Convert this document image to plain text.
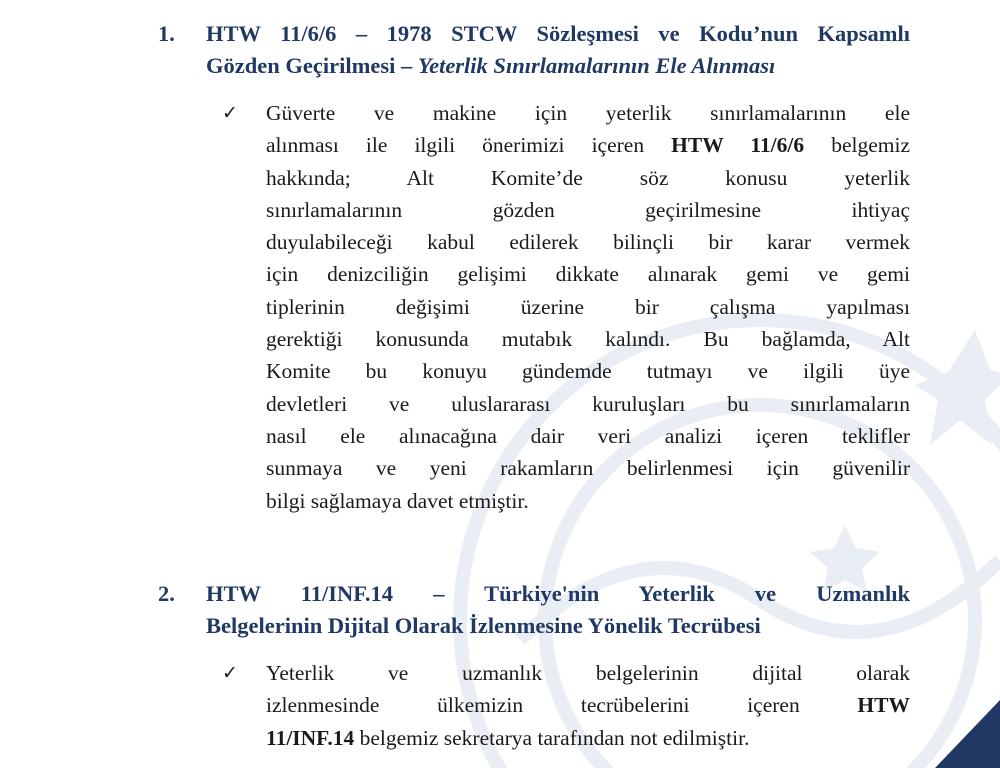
1. HTW 11/6/6 – 1978 STCW Sözleşmesi ve Kodu’nun Kapsamlı
Gözden Geçirilmesi – Yeterlik Sınırlamalarının Ele Alınması
✓ Güverte ve makine için yeterlik sınırlamalarının ele
alınması ile ilgili önerimizi içeren HTW 11/6/6 belgemiz
hakkında; Alt Komite’de söz konusu yeterlik
sınırlamalarının gözden geçirilmesine ihtiyaç
duyulabileceği kabul edilerek bilinçli bir karar vermek
için denizciliğin gelişimi dikkate alınarak gemi ve gemi
tiplerinin değişimi üzerine bir çalışma yapılması
gerektiği konusunda mutabık kalındı. Bu bağlamda, Alt
Komite bu konuyu gündemde tutmayı ve ilgili üye
devletleri ve uluslararası kuruluşları bu sınırlamaların
nasıl ele alınacağına dair veri analizi içeren teklifler
sunmaya ve yeni rakamların belirlenmesi için güvenilir
bilgi sağlamaya davet etmiştir.
2. HTW 11/INF.14 – Türkiye'nin Yeterlik ve Uzmanlık
Belgelerinin Dijital Olarak İzlenmesine Yönelik Tecrübesi
✓ Yeterlik ve uzmanlık belgelerinin dijital olarak
izlenmesinde ülkemizin tecrübelerini içeren	HTW
11/INF.14 belgemiz sekretarya tarafından not edilmiştir.
